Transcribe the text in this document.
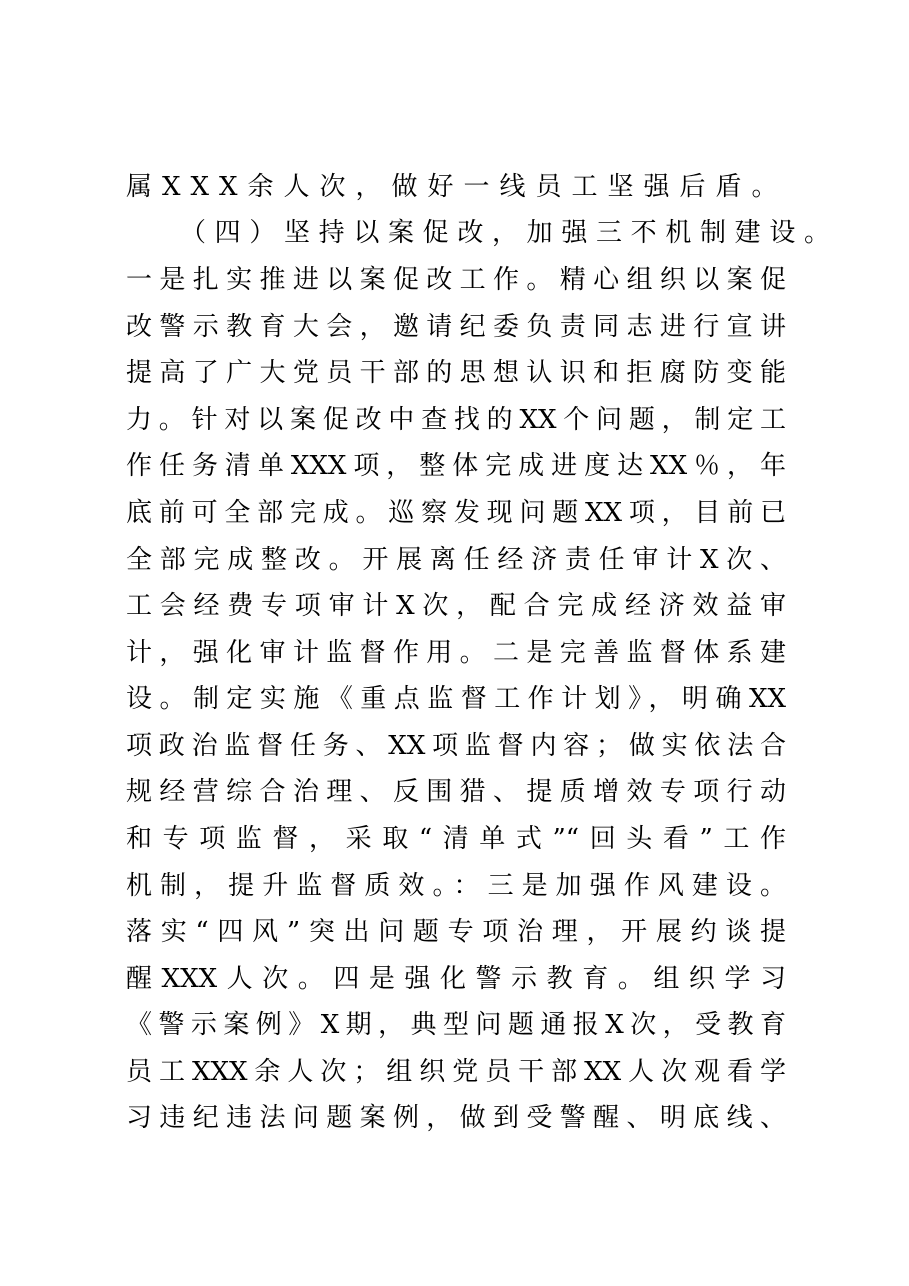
属XXX余人次，做好一线员工坚强后盾。
（四）坚持以案促改，加强三不机制建设。
一是扎实推进以案促改工作。精心组织以案促
改警示教育大会，邀请纪委负责同志进行宣讲
提高了广大党员干部的思想认识和拒腐防变能
力。针对以案促改中查找的XX个问题，制定工
作任务清单XXX项，整体完成进度达XX％，年
底前可全部完成。巡察发现问题XX项，目前已
全部完成整改。开展离任经济责任审计X次、
工会经费专项审计X次，配合完成经济效益审
计，强化审计监督作用。二是完善监督体系建
设。制定实施《重点监督工作计划》，明确XX
项政治监督任务、XX项监督内容；做实依法合
规经营综合治理、反围猎、提质增效专项行动
和专项监督，采取“清单式”“回头看”工作
机制，提升监督质效。：三是加强作风建设。
落实“四风”突出问题专项治理，开展约谈提
醒XXX人次。四是强化警示教育。组织学习
《警示案例》X期，典型问题通报X次，受教育
员工XXX余人次；组织党员干部XX人次观看学
习违纪违法问题案例，做到受警醒、明底线、
